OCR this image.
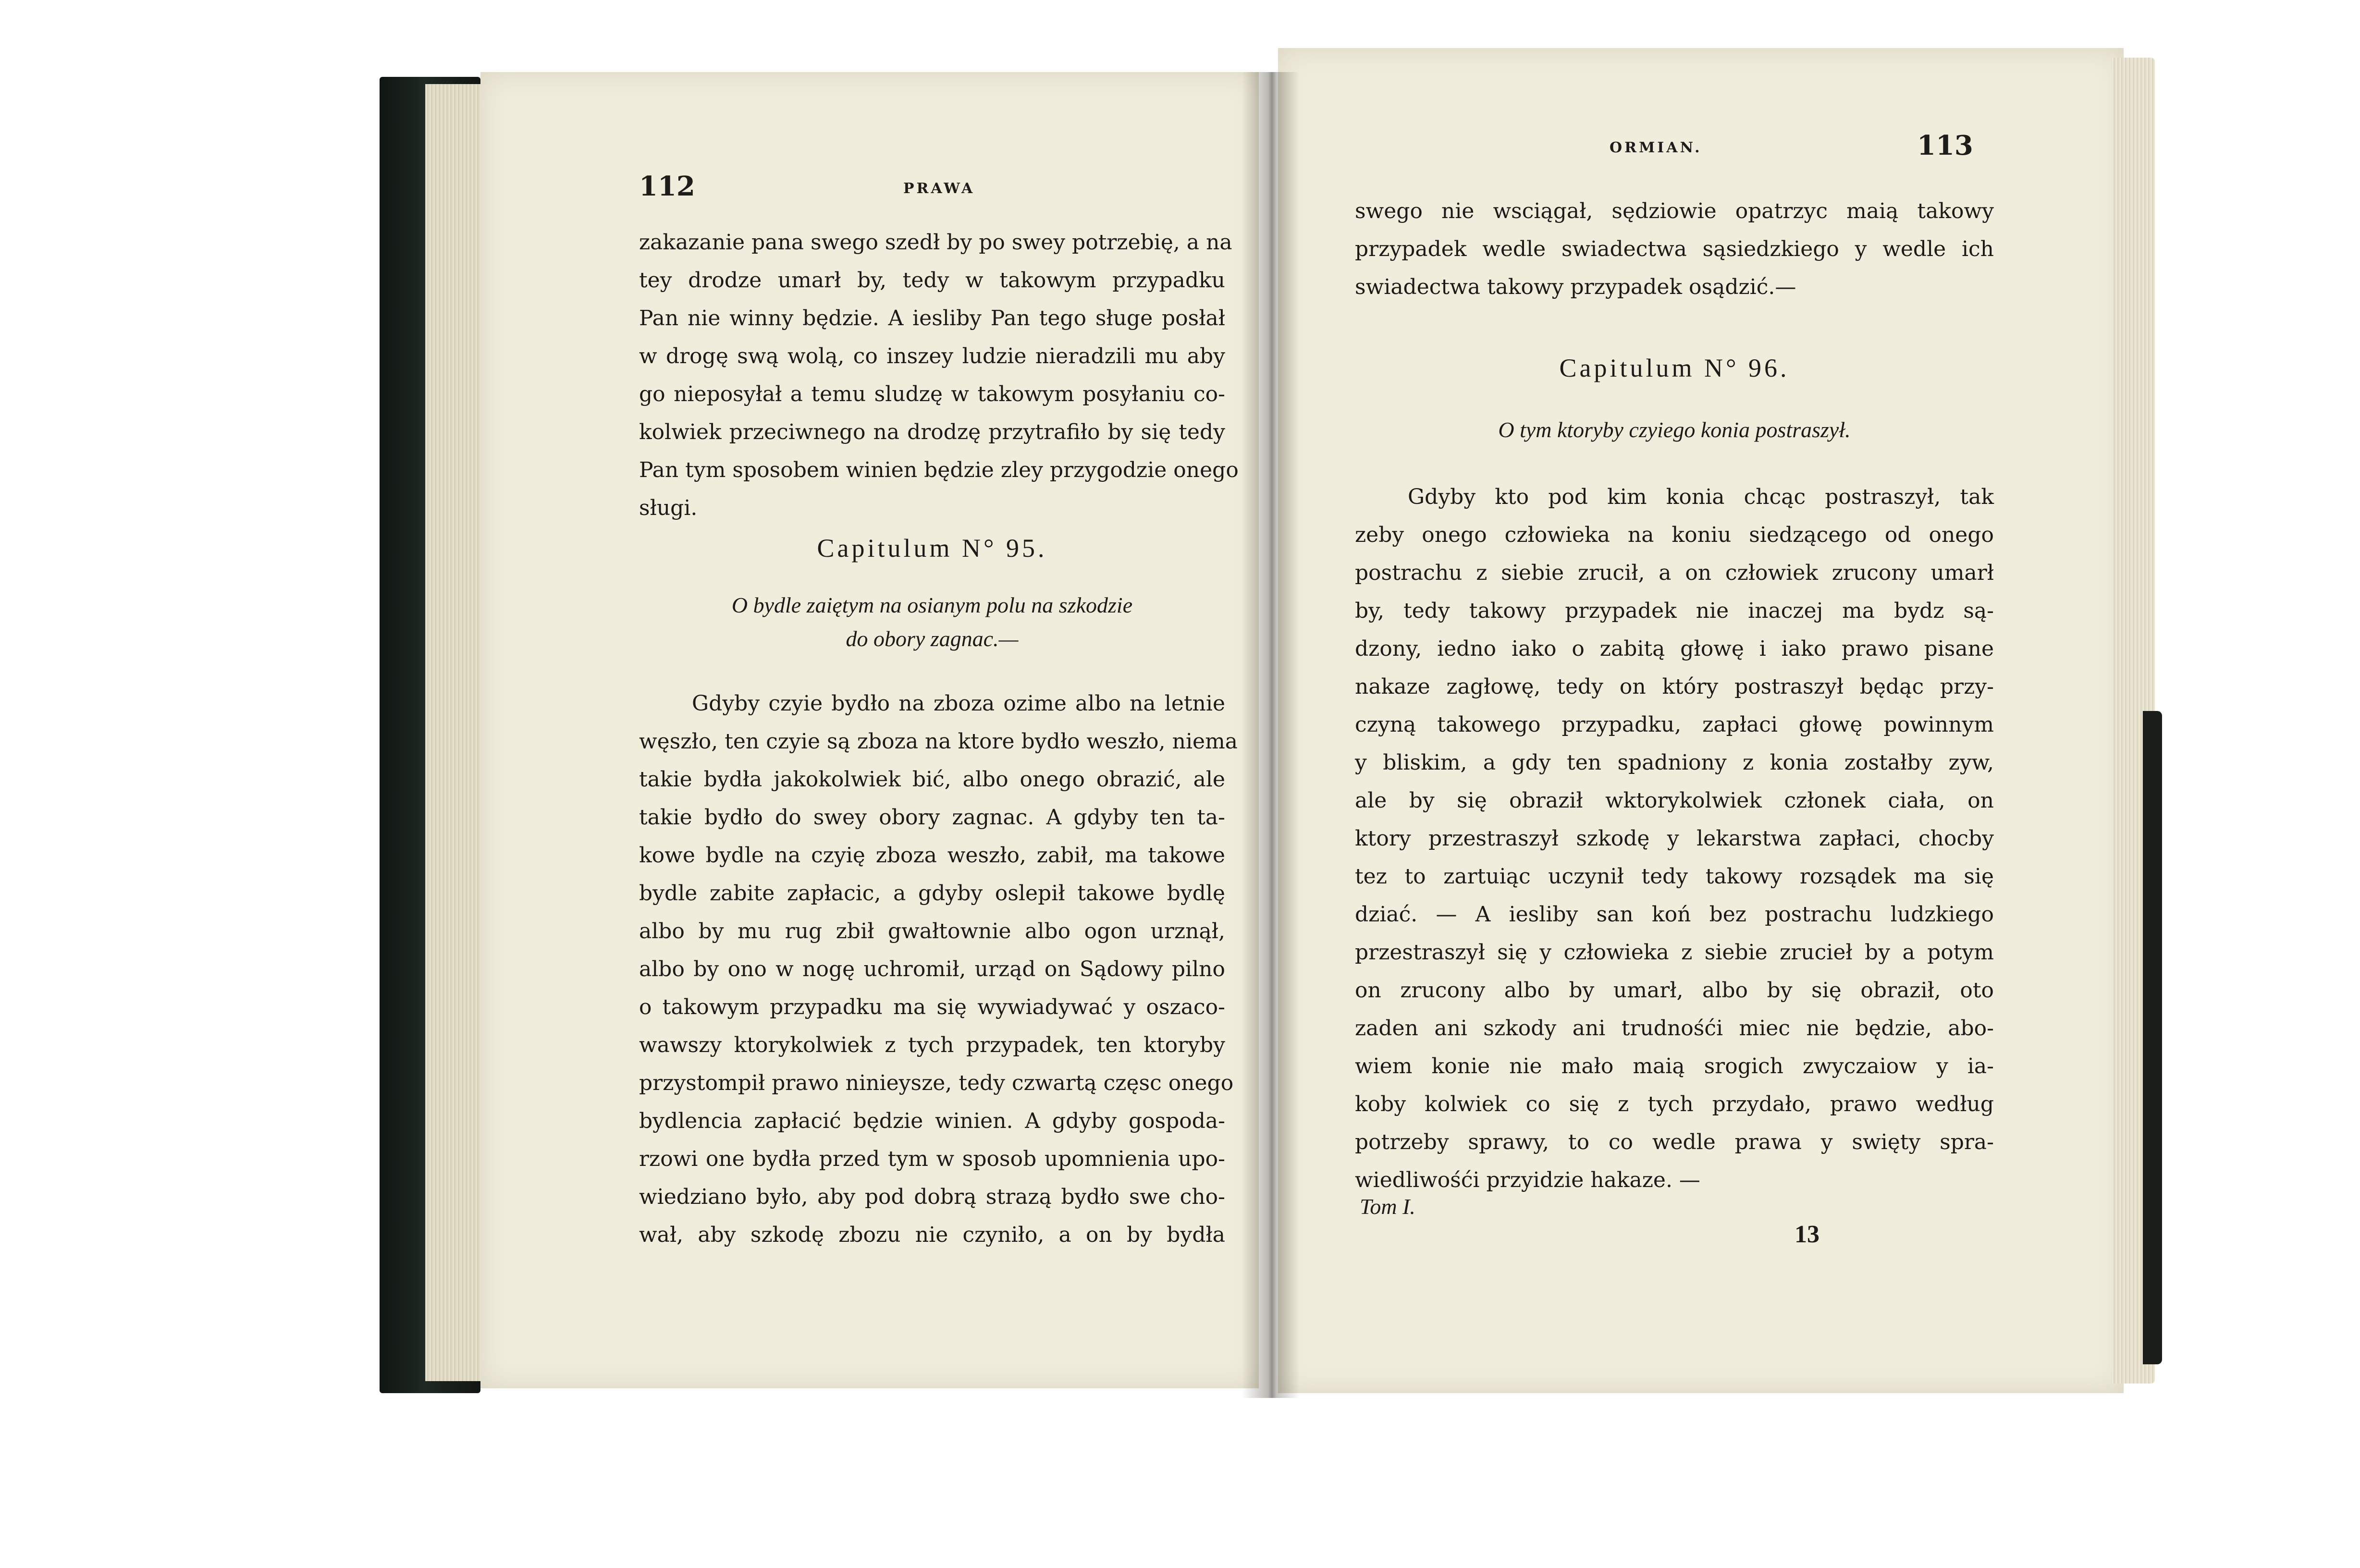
112	PRAWA
zakazanie pana swego szedł by po swey potrzebię, a na
tey drodze umarł by, tedy w takowym przypadku
Pan nie winny będzie. A iesliby Pan tego sługe posłał
w drogę swą wolą, co inszey ludzie nieradzili mu aby
go nieposyłał a temu sludzę w takowym posyłaniu co-
kolwiek przeciwnego na drodzę przytrafiło by się tedy
Pan tym sposobem winien będzie zley przygodzie onego
sługi.
Capitulum N° 95.
O bydle zaiętym na osianym polu na szkodzie
do obory zagnac.—
Gdyby czyie bydło na zboza ozime albo na letnie
węszło, ten czyie są zboza na ktore bydło weszło, niema
takie bydła jakokolwiek bić, albo onego obrazić, ale
takie bydło do swey obory zagnac. A gdyby ten ta-
kowe bydle na czyię zboza weszło, zabił, ma takowe
bydle zabite zapłacic, a gdyby oslepił takowe bydlę
albo by mu rug zbił gwałtownie albo ogon urznął,
albo by ono w nogę uchromił, urząd on Sądowy pilno
o takowym przypadku ma się wywiadywać y oszaco-
wawszy ktorykolwiek z tych przypadek, ten ktoryby
przystompił prawo ninieysze, tedy czwartą częsc onego
bydlencia zapłacić będzie winien. A gdyby gospoda-
rzowi one bydła przed tym w sposob upomnienia upo-
wiedziano było, aby pod dobrą strazą bydło swe cho-
wał, aby szkodę zbozu nie czyniło, a on by bydła
ORMIAN.	113
swego nie wsciągał, sędziowie opatrzyc maią takowy
przypadek wedle swiadectwa sąsiedzkiego y wedle ich
swiadectwa takowy przypadek osądzić.—
Capitulum N° 96.
O tym ktoryby czyiego konia postraszył.
Gdyby kto pod kim konia chcąc postraszył, tak
zeby onego człowieka na koniu siedzącego od onego
postrachu z siebie zrucił, a on człowiek zrucony umarł
by, tedy takowy przypadek nie inaczej ma bydz są-
dzony, iedno iako o zabitą głowę i iako prawo pisane
nakaze zagłowę, tedy on który postraszył będąc przy-
czyną takowego przypadku, zapłaci głowę powinnym
y bliskim, a gdy ten spadniony z konia zostałby zyw,
ale by się obraził wktorykolwiek członek ciała, on
ktory przestraszył szkodę y lekarstwa zapłaci, chocby
tez to zartuiąc uczynił tedy takowy rozsądek ma się
dziać. — A iesliby san koń bez postrachu ludzkiego
przestraszył się y człowieka z siebie zrucieł by a potym
on zrucony albo by umarł, albo by się obraził, oto
zaden ani szkody ani trudnośći miec nie będzie, abo-
wiem konie nie mało maią srogich zwyczaiow y ia-
koby kolwiek co się z tych przydało, prawo według
potrzeby sprawy, to co wedle prawa y swięty spra-
wiedliwośći przyidzie hakaze. —
Tom I.
13
